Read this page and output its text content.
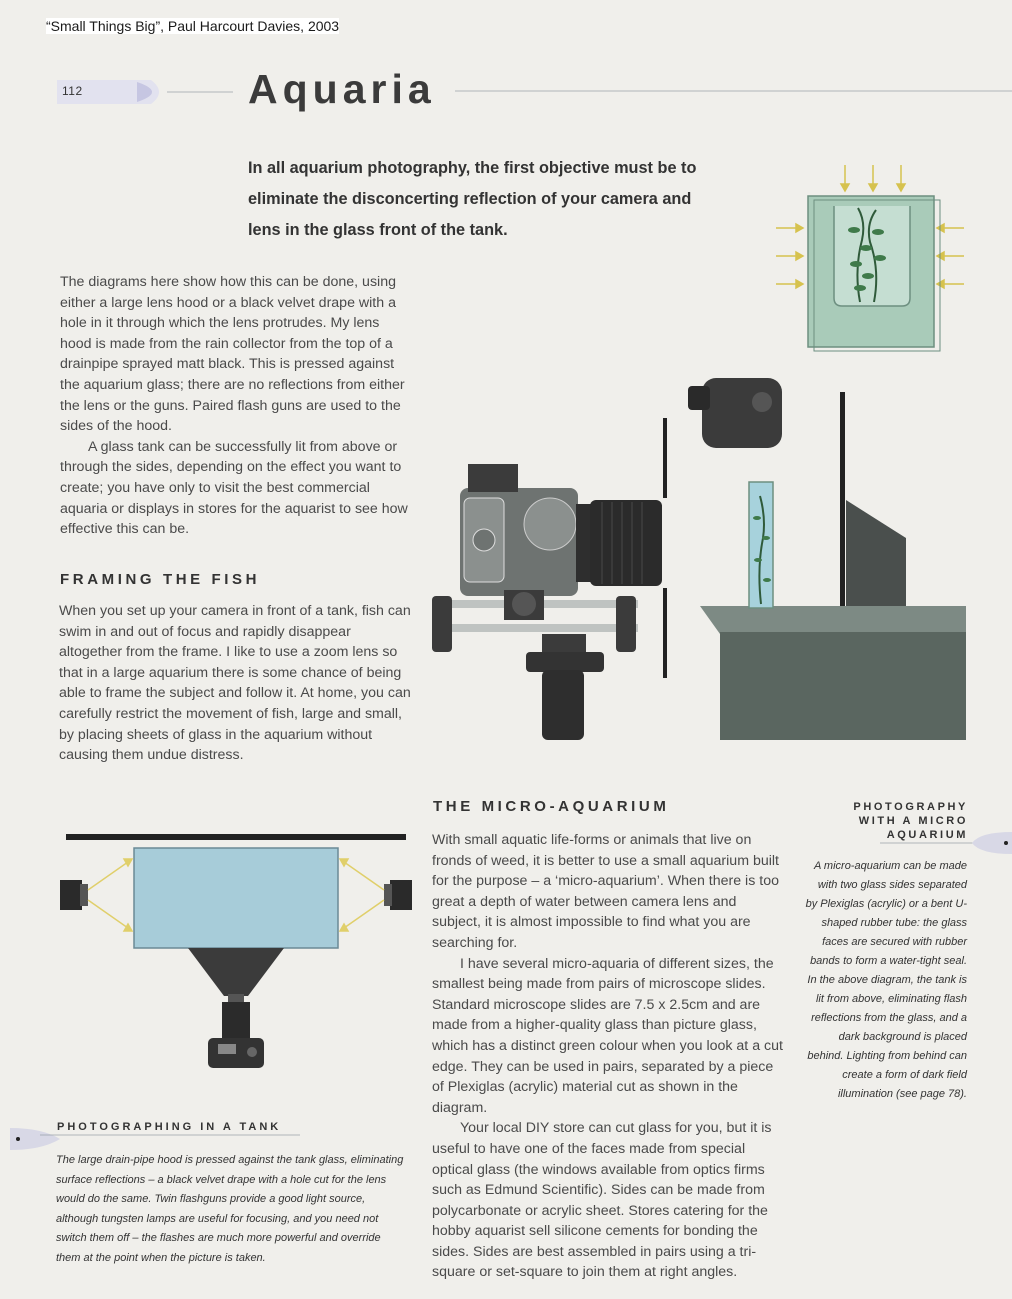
“Small Things Big”, Paul Harcourt Davies, 2003
112	Aquaria
In all aquarium photography, the first objective must be to eliminate the disconcerting reflection of your camera and lens in the glass front of the tank.

The diagrams here show how this can be done, using either a large lens hood or a black velvet drape with a hole in it through which the lens protrudes. My lens hood is made from the rain collector from the top of a drainpipe sprayed matt black. This is pressed against the aquarium glass; there are no reflections from either the lens or the guns. Paired flash guns are used to the sides of the hood.

A glass tank can be successfully lit from above or through the sides, depending on the effect you want to create; you have only to visit the best commercial aquaria or displays in stores for the aquarist to see how effective this can be.

FRAMING THE FISH

When you set up your camera in front of a tank, fish can swim in and out of focus and rapidly disappear altogether from the frame. I like to use a zoom lens so that in a large aquarium there is some chance of being able to frame the subject and follow it. At home, you can carefully restrict the movement of fish, large and small, by placing sheets of glass in the aquarium without causing them undue distress.

THE MICRO-AQUARIUM

With small aquatic life-forms or animals that live on fronds of weed, it is better to use a small aquarium built for the purpose – a ‘micro-aquarium’. When there is too great a depth of water between camera lens and subject, it is almost impossible to find what you are searching for.

I have several micro-aquaria of different sizes, the smallest being made from pairs of microscope slides. Standard microscope slides are 7.5 x 2.5cm and are made from a higher-quality glass than picture glass, which has a distinct green colour when you look at a cut edge. They can be used in pairs, separated by a piece of Plexiglas (acrylic) material cut as shown in the diagram.

Your local DIY store can cut glass for you, but it is useful to have one of the faces made from special optical glass (the windows available from optics firms such as Edmund Scientific). Sides can be made from polycarbonate or acrylic sheet. Stores catering for the hobby aquarist sell silicone cements for bonding the sides. Sides are best assembled in pairs using a tri-square or set-square to join them at right angles.

PHOTOGRAPHY
WITH A MICRO
AQUARIUM
A micro-aquarium can be made with two glass sides separated by Plexiglas (acrylic) or a bent U-shaped rubber tube: the glass faces are secured with rubber bands to form a water-tight seal. In the above diagram, the tank is lit from above, eliminating flash reflections from the glass, and a dark background is placed behind. Lighting from behind can create a form of dark field illumination (see page 78).
PHOTOGRAPHING IN A TANK
The large drain-pipe hood is pressed against the tank glass, eliminating surface reflections – a black velvet drape with a hole cut for the lens would do the same. Twin flashguns provide a good light source, although tungsten lamps are useful for focusing, and you need not switch them off – the flashes are much more powerful and override them at the point when the picture is taken.
